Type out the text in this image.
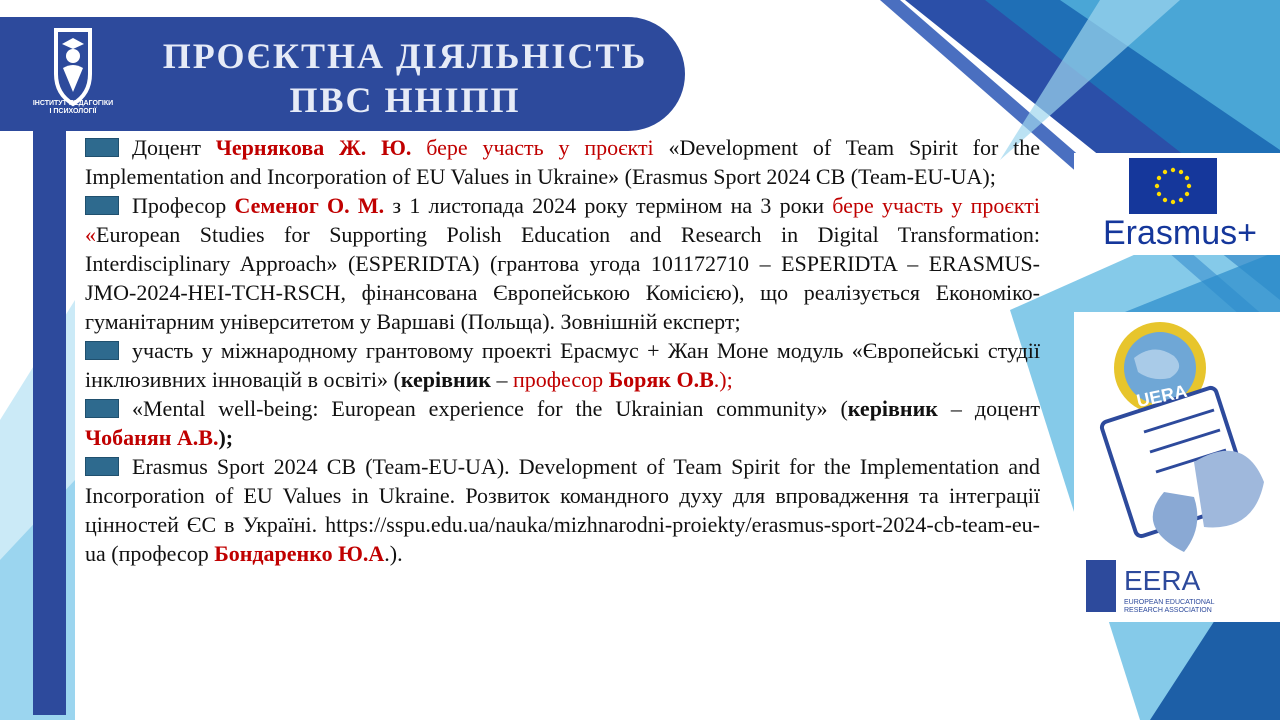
ІНСТИТУТ ПЕДАГОГІКИ
І ПСИХОЛОГІЇ
ПРОЄКТНА ДІЯЛЬНІСТЬ
ПВС ННІПП

Доцент Чернякова Ж. Ю. бере участь у проєкті «Development of Team Spirit for the Implementation and Incorporation of EU Values in Ukraine» (Erasmus Sport 2024 CB (Team-EU-UA);

Професор Семеног О. М. з 1 листопада 2024 року терміном на 3 роки бере участь у проєкті «European Studies for Supporting Polish Education and Research in Digital Transformation: Interdisciplinary Approach» (ESPERIDTA) (грантова угода 101172710 – ESPERIDTA – ERASMUS-JMO-2024-HEI-TCH-RSCH, фінансована Європейською Комісією), що реалізується Економіко-гуманітарним університетом у Варшаві (Польща). Зовнішній експерт;

участь у міжнародному грантовому проекті Ерасмус + Жан Моне модуль «Європейські студії інклюзивних інновацій в освіті» (керівник – професор Боряк О.В.);

«Mental well-being: European experience for the Ukrainian community» (керівник – доцент Чобанян А.В.);

Erasmus Sport 2024 CB (Team-EU-UA). Development of Team Spirit for the Implementation and Incorporation of EU Values in Ukraine. Розвиток командного духу для впровадження та інтеграції цінностей ЄС в Україні. https://sspu.edu.ua/nauka/mizhnarodni-proiekty/erasmus-sport-2024-cb-team-eu-ua (професор Бондаренко Ю.А.).

Erasmus+
UERA
EERA
EUROPEAN EDUCATIONAL
RESEARCH ASSOCIATION
